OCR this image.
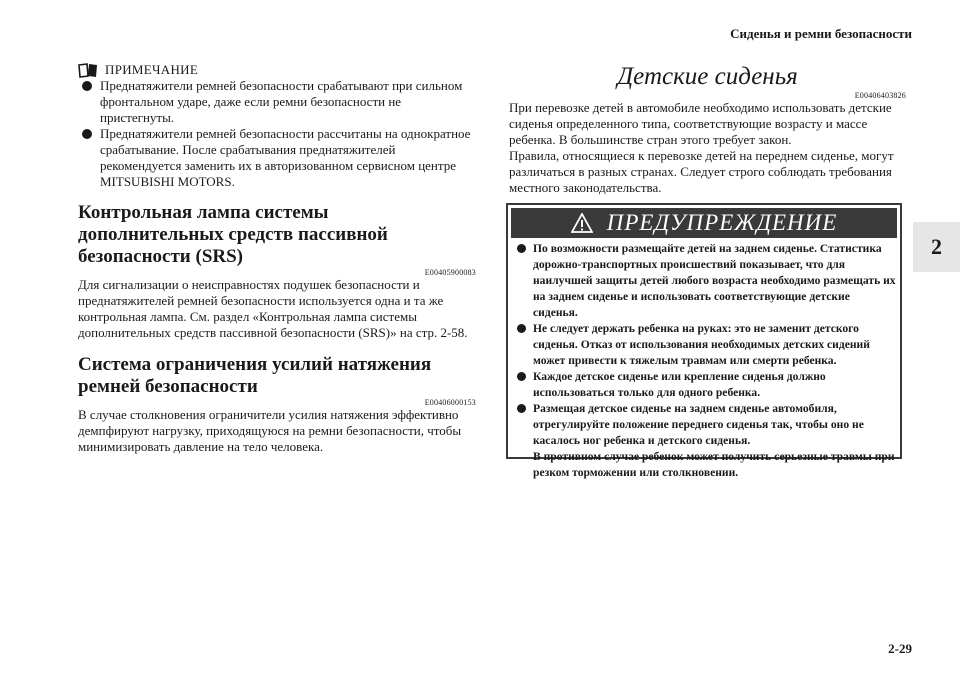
Сиденья и ремни безопасности
2
2-29
ПРИМЕЧАНИЕ
Преднатяжители ремней безопасности срабатывают при сильном фронтальном ударе, даже если ремни безопасности не пристегнуты.
Преднатяжители ремней безопасности рассчитаны на однократное срабатывание. После срабатывания преднатяжителей рекомендуется заменить их в авторизованном сервисном центре MITSUBISHI MOTORS.
Контрольная лампа системы дополнительных средств пассивной безопасности (SRS)
E00405900083
Для сигнализации о неисправностях подушек безопасности и преднатяжителей ремней безопасности используется одна и та же контрольная лампа. См. раздел «Контрольная лампа системы дополнительных средств пассивной безопасности (SRS)» на стр. 2-58.
Система ограничения усилий натяжения ремней безопасности
E00406000153
В случае столкновения ограничители усилия натяжения эффективно демпфируют нагрузку, приходящуюся на ремни безопасности, чтобы минимизировать давление на тело человека.
Детские сиденья
E00406403826
При перевозке детей в автомобиле необходимо использовать детские сиденья определенного типа, соответствующие возрасту и массе ребенка. В большинстве стран этого требует закон.
Правила, относящиеся к перевозке детей на переднем сиденье, могут различаться в разных странах. Следует строго соблюдать требования местного законодательства.
ПРЕДУПРЕЖДЕНИЕ
По возможности размещайте детей на заднем сиденье. Статистика дорожно-транспортных происшествий показывает, что для наилучшей защиты детей любого возраста необходимо размещать их на заднем сиденье и использовать соответствующие детские сиденья.
Не следует держать ребенка на руках: это не заменит детского сиденья. Отказ от использования необходимых детских сидений может привести к тяжелым травмам или смерти ребенка.
Каждое детское сиденье или крепление сиденья должно использоваться только для одного ребенка.
Размещая детское сиденье на заднем сиденье автомобиля, отрегулируйте положение переднего сиденья так, чтобы оно не касалось ног ребенка и детского сиденья.
В противном случае ребенок может получить серьезные травмы при резком торможении или столкновении.
